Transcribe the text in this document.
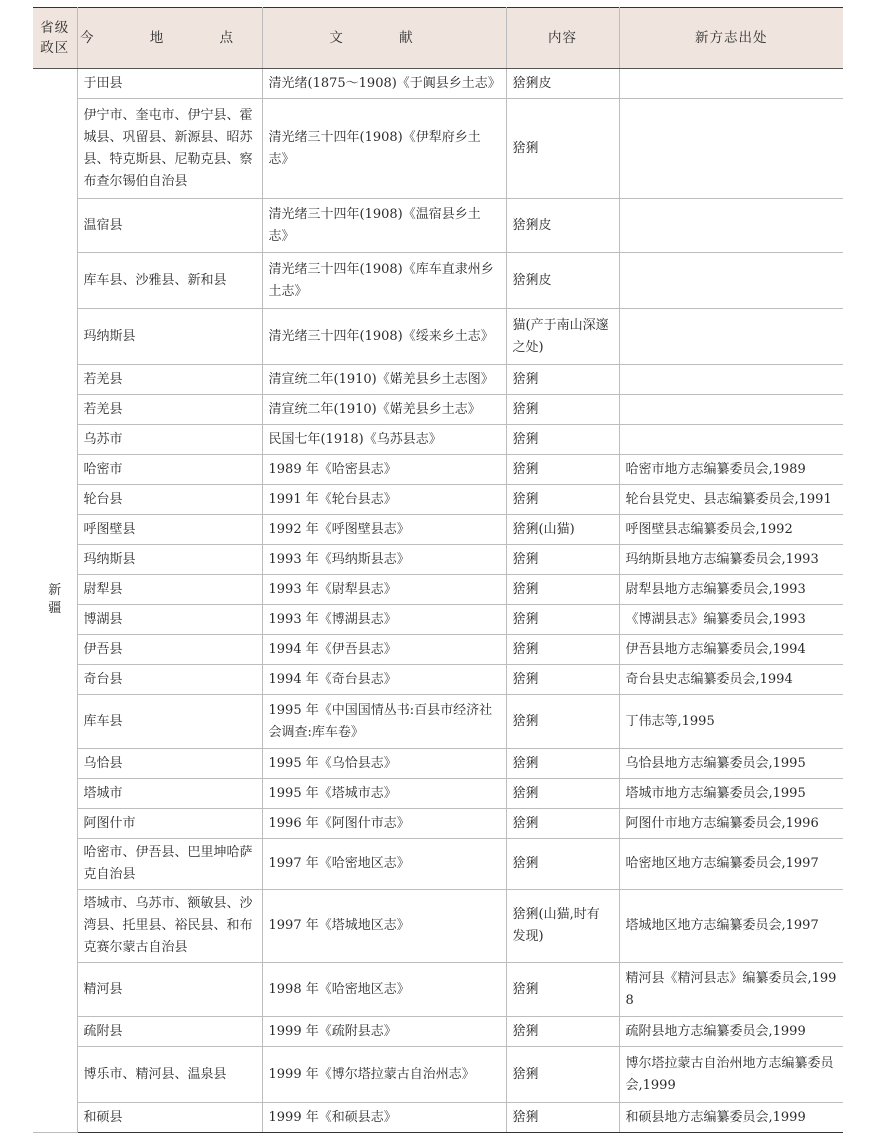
省级政区	今 地 点	文 献	内容	新方志出处
新疆	于田县	清光绪(1875～1908)《于阗县乡土志》	猞猁皮	
	伊宁市、奎屯市、伊宁县、霍城县、巩留县、新源县、昭苏县、特克斯县、尼勒克县、察布查尔锡伯自治县	清光绪三十四年(1908)《伊犁府乡土志》	猞猁	
	温宿县	清光绪三十四年(1908)《温宿县乡土志》	猞猁皮	
	库车县、沙雅县、新和县	清光绪三十四年(1908)《库车直隶州乡土志》	猞猁皮	
	玛纳斯县	清光绪三十四年(1908)《绥来乡土志》	猫(产于南山深邃之处)	
	若羌县	清宣统二年(1910)《婼羌县乡土志图》	猞猁	
	若羌县	清宣统二年(1910)《婼羌县乡土志》	猞猁	
	乌苏市	民国七年(1918)《乌苏县志》	猞猁	
	哈密市	1989 年《哈密县志》	猞猁	哈密市地方志编纂委员会,1989
	轮台县	1991 年《轮台县志》	猞猁	轮台县党史、县志编纂委员会,1991
	呼图壁县	1992 年《呼图壁县志》	猞猁(山猫)	呼图壁县志编纂委员会,1992
	玛纳斯县	1993 年《玛纳斯县志》	猞猁	玛纳斯县地方志编纂委员会,1993
	尉犁县	1993 年《尉犁县志》	猞猁	尉犁县地方志编纂委员会,1993
	博湖县	1993 年《博湖县志》	猞猁	《博湖县志》编纂委员会,1993
	伊吾县	1994 年《伊吾县志》	猞猁	伊吾县地方志编纂委员会,1994
	奇台县	1994 年《奇台县志》	猞猁	奇台县史志编纂委员会,1994
	库车县	1995 年《中国国情丛书:百县市经济社会调查:库车卷》	猞猁	丁伟志等,1995
	乌恰县	1995 年《乌恰县志》	猞猁	乌恰县地方志编纂委员会,1995
	塔城市	1995 年《塔城市志》	猞猁	塔城市地方志编纂委员会,1995
	阿图什市	1996 年《阿图什市志》	猞猁	阿图什市地方志编纂委员会,1996
	哈密市、伊吾县、巴里坤哈萨克自治县	1997 年《哈密地区志》	猞猁	哈密地区地方志编纂委员会,1997
	塔城市、乌苏市、额敏县、沙湾县、托里县、裕民县、和布克赛尔蒙古自治县	1997 年《塔城地区志》	猞猁(山猫,时有发现)	塔城地区地方志编纂委员会,1997
	精河县	1998 年《哈密地区志》	猞猁	精河县《精河县志》编纂委员会,1998
	疏附县	1999 年《疏附县志》	猞猁	疏附县地方志编纂委员会,1999
	博乐市、精河县、温泉县	1999 年《博尔塔拉蒙古自治州志》	猞猁	博尔塔拉蒙古自治州地方志编纂委员会,1999
	和硕县	1999 年《和硕县志》	猞猁	和硕县地方志编纂委员会,1999
